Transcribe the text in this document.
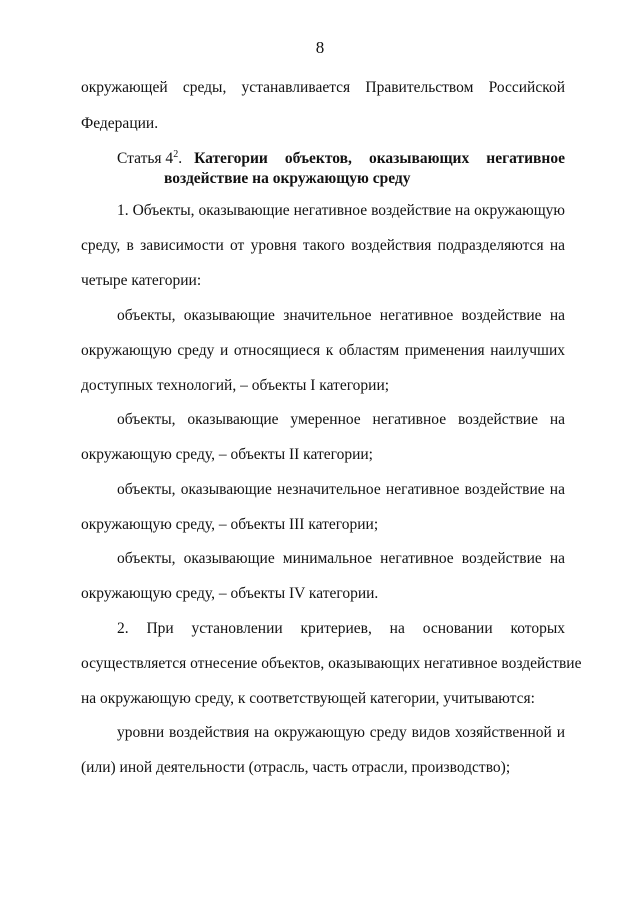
8
окружающей среды, устанавливается Правительством Российской
Федерации.
Статья $4^2$. Категории объектов, оказывающих негативное
воздействие на окружающую среду
1. Объекты, оказывающие негативное воздействие на окружающую
среду, в зависимости от уровня такого воздействия подразделяются на
четыре категории:
объекты, оказывающие значительное негативное воздействие на
окружающую среду и относящиеся к областям применения наилучших
доступных технологий, – объекты I категории;
объекты, оказывающие умеренное негативное воздействие на
окружающую среду, – объекты II категории;
объекты, оказывающие незначительное негативное воздействие на
окружающую среду, – объекты III категории;
объекты, оказывающие минимальное негативное воздействие на
окружающую среду, – объекты IV категории.
2. При установлении критериев, на основании которых
осуществляется отнесение объектов, оказывающих негативное воздействие
на окружающую среду, к соответствующей категории, учитываются:
уровни воздействия на окружающую среду видов хозяйственной и
(или) иной деятельности (отрасль, часть отрасли, производство);
